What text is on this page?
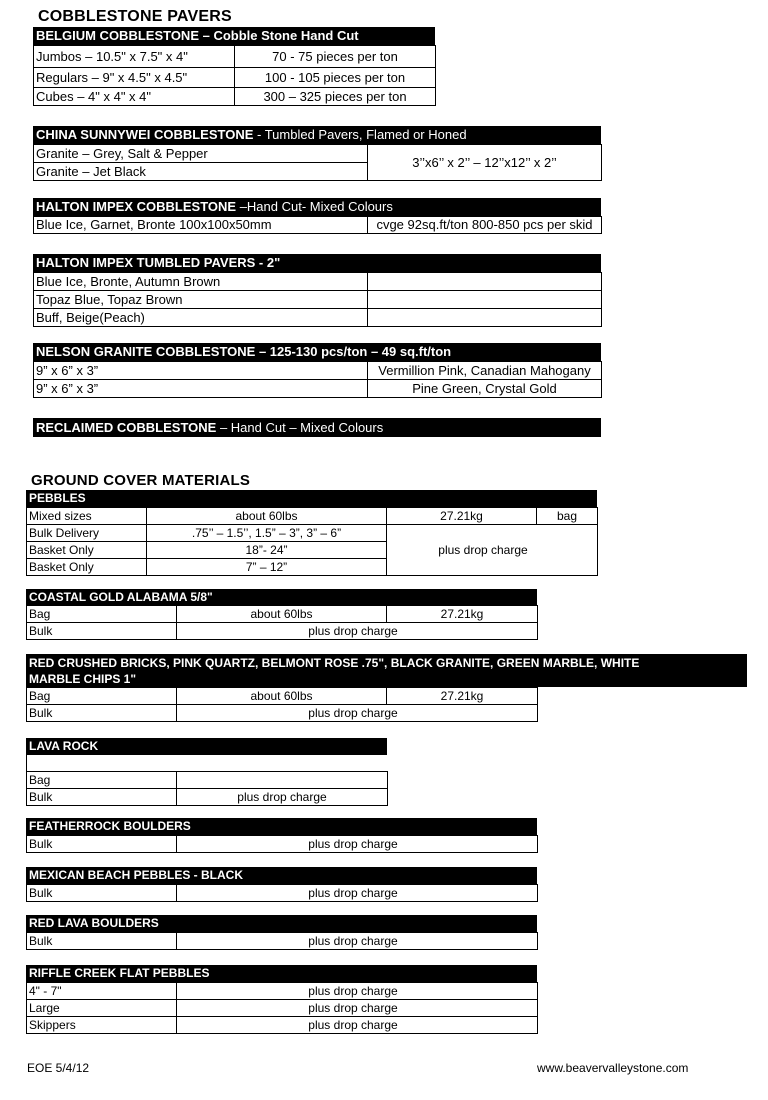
COBBLESTONE PAVERS
BELGIUM COBBLESTONE – Cobble Stone Hand Cut
Jumbos – 10.5" x 7.5" x 4"	70 - 75 pieces per ton
Regulars – 9" x 4.5" x 4.5"	100 - 105 pieces per ton
Cubes – 4" x 4" x 4"	300 – 325 pieces per ton
CHINA SUNNYWEI COBBLESTONE - Tumbled Pavers, Flamed or Honed
Granite – Grey, Salt & Pepper	3’’x6’’ x 2’’ – 12’’x12’’ x 2’’
Granite – Jet Black
HALTON IMPEX COBBLESTONE –Hand Cut- Mixed Colours
Blue Ice, Garnet, Bronte 100x100x50mm	cvge 92sq.ft/ton 800-850 pcs per skid
HALTON IMPEX TUMBLED PAVERS - 2"
Blue Ice, Bronte, Autumn Brown	
Topaz Blue, Topaz Brown	
Buff, Beige(Peach)	
NELSON GRANITE COBBLESTONE – 125-130 pcs/ton – 49 sq.ft/ton
9” x 6” x 3”	Vermillion Pink, Canadian Mahogany
9” x 6” x 3”	Pine Green, Crystal Gold
RECLAIMED COBBLESTONE – Hand Cut – Mixed Colours
GROUND COVER MATERIALS
PEBBLES
Mixed sizes	about 60lbs	27.21kg	bag
Bulk Delivery	.75’’ – 1.5’’, 1.5” – 3”, 3” – 6”	plus drop charge	
Basket Only	18”- 24”		
Basket Only	7” – 12”		
COASTAL GOLD ALABAMA 5/8"
Bag	about 60lbs	27.21kg
Bulk	plus drop charge	
RED CRUSHED BRICKS, PINK QUARTZ, BELMONT ROSE .75", BLACK GRANITE, GREEN MARBLE, WHITE
MARBLE CHIPS 1"
Bag	about 60lbs	27.21kg
Bulk	plus drop charge	
LAVA ROCK
Bag	
Bulk	plus drop charge
FEATHERROCK BOULDERS
Bulk	plus drop charge
MEXICAN BEACH PEBBLES - BLACK
Bulk	plus drop charge
RED LAVA BOULDERS
Bulk	plus drop charge
RIFFLE CREEK FLAT PEBBLES
4" - 7"	plus drop charge
Large	plus drop charge
Skippers	plus drop charge
EOE 5/4/12	www.beavervalleystone.com
